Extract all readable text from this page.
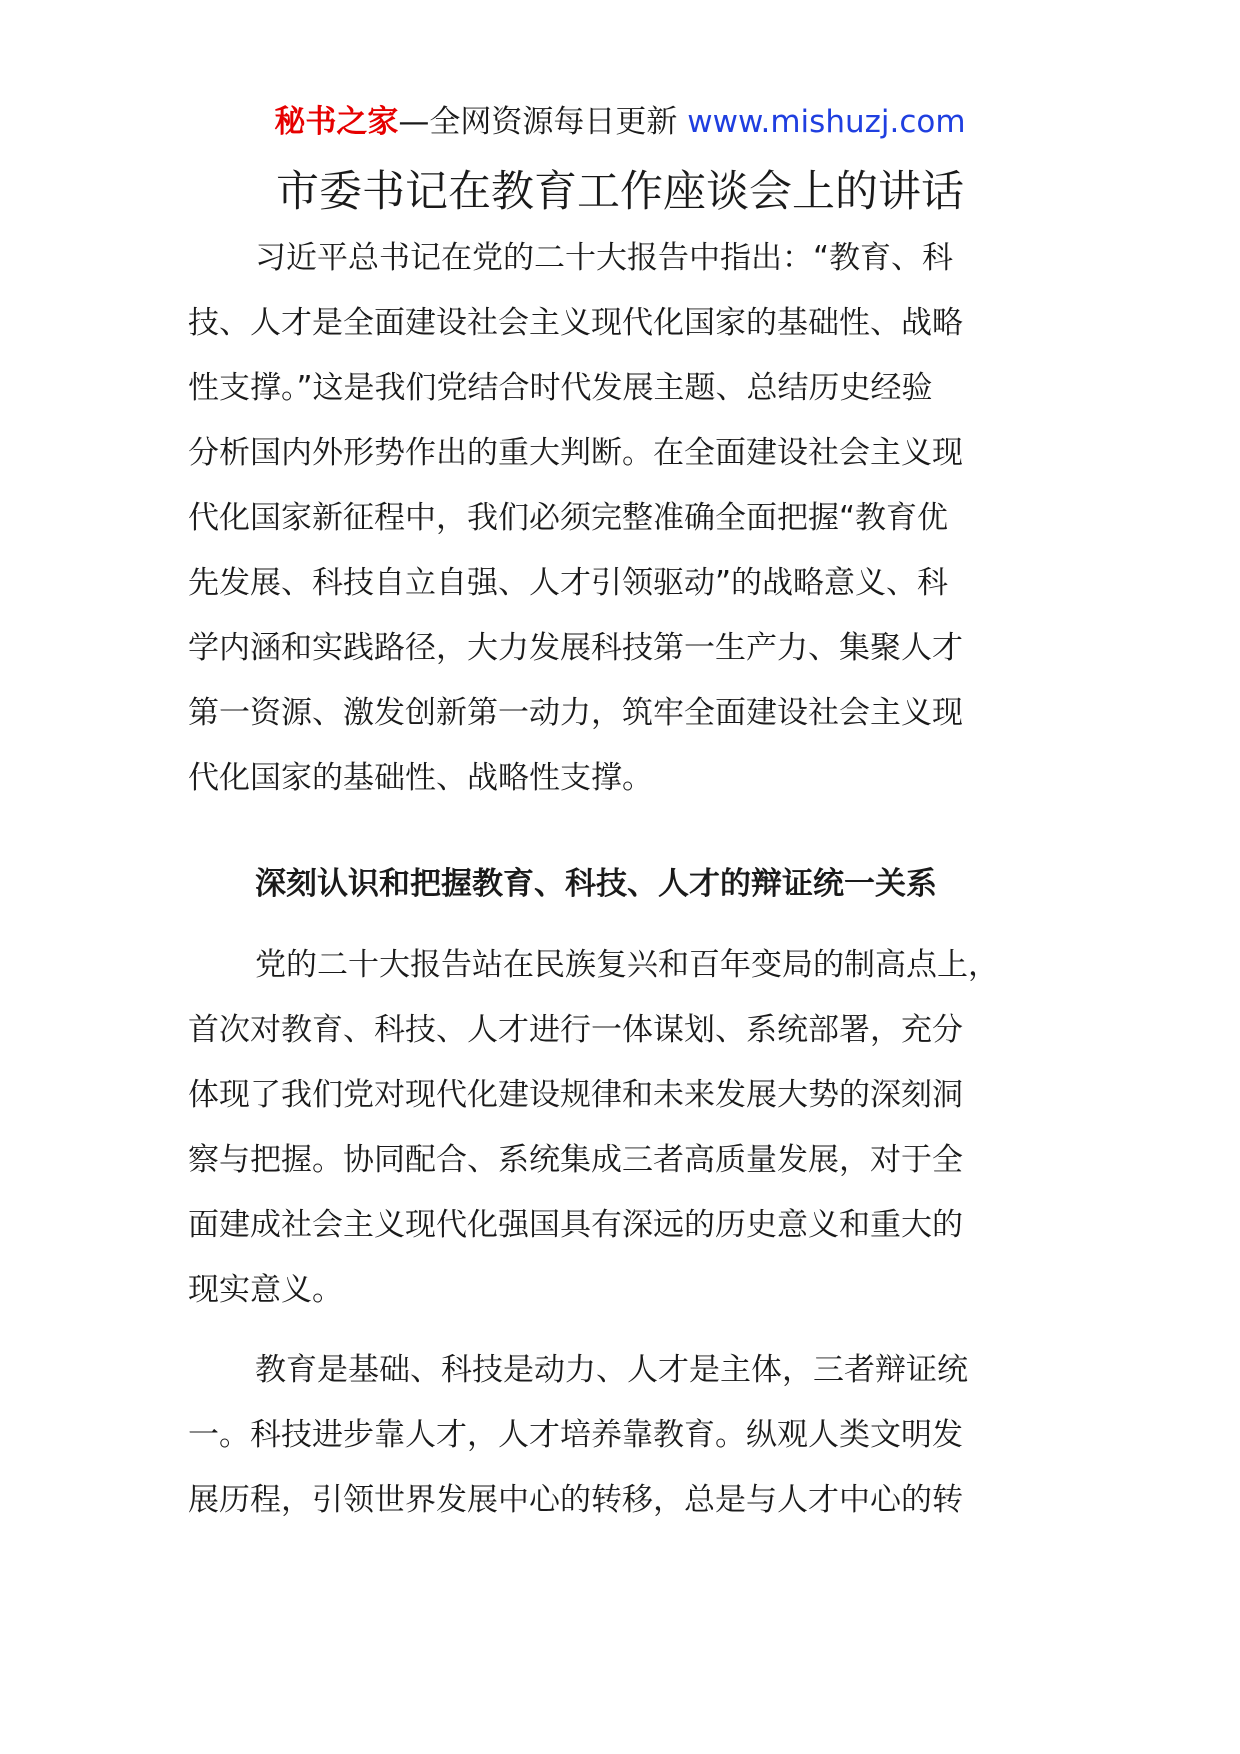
秘书之家—全网资源每日更新 www.mishuzj.com
市委书记在教育工作座谈会上的讲话
习近平总书记在党的二十大报告中指出：“教育、科
技、人才是全面建设社会主义现代化国家的基础性、战略
性支撑。”这是我们党结合时代发展主题、总结历史经验
分析国内外形势作出的重大判断。在全面建设社会主义现
代化国家新征程中，我们必须完整准确全面把握“教育优
先发展、科技自立自强、人才引领驱动”的战略意义、科
学内涵和实践路径，大力发展科技第一生产力、集聚人才
第一资源、激发创新第一动力，筑牢全面建设社会主义现
代化国家的基础性、战略性支撑。
深刻认识和把握教育、科技、人才的辩证统一关系
党的二十大报告站在民族复兴和百年变局的制高点上，
首次对教育、科技、人才进行一体谋划、系统部署，充分
体现了我们党对现代化建设规律和未来发展大势的深刻洞
察与把握。协同配合、系统集成三者高质量发展，对于全
面建成社会主义现代化强国具有深远的历史意义和重大的
现实意义。
教育是基础、科技是动力、人才是主体，三者辩证统
一。科技进步靠人才，人才培养靠教育。纵观人类文明发
展历程，引领世界发展中心的转移，总是与人才中心的转
